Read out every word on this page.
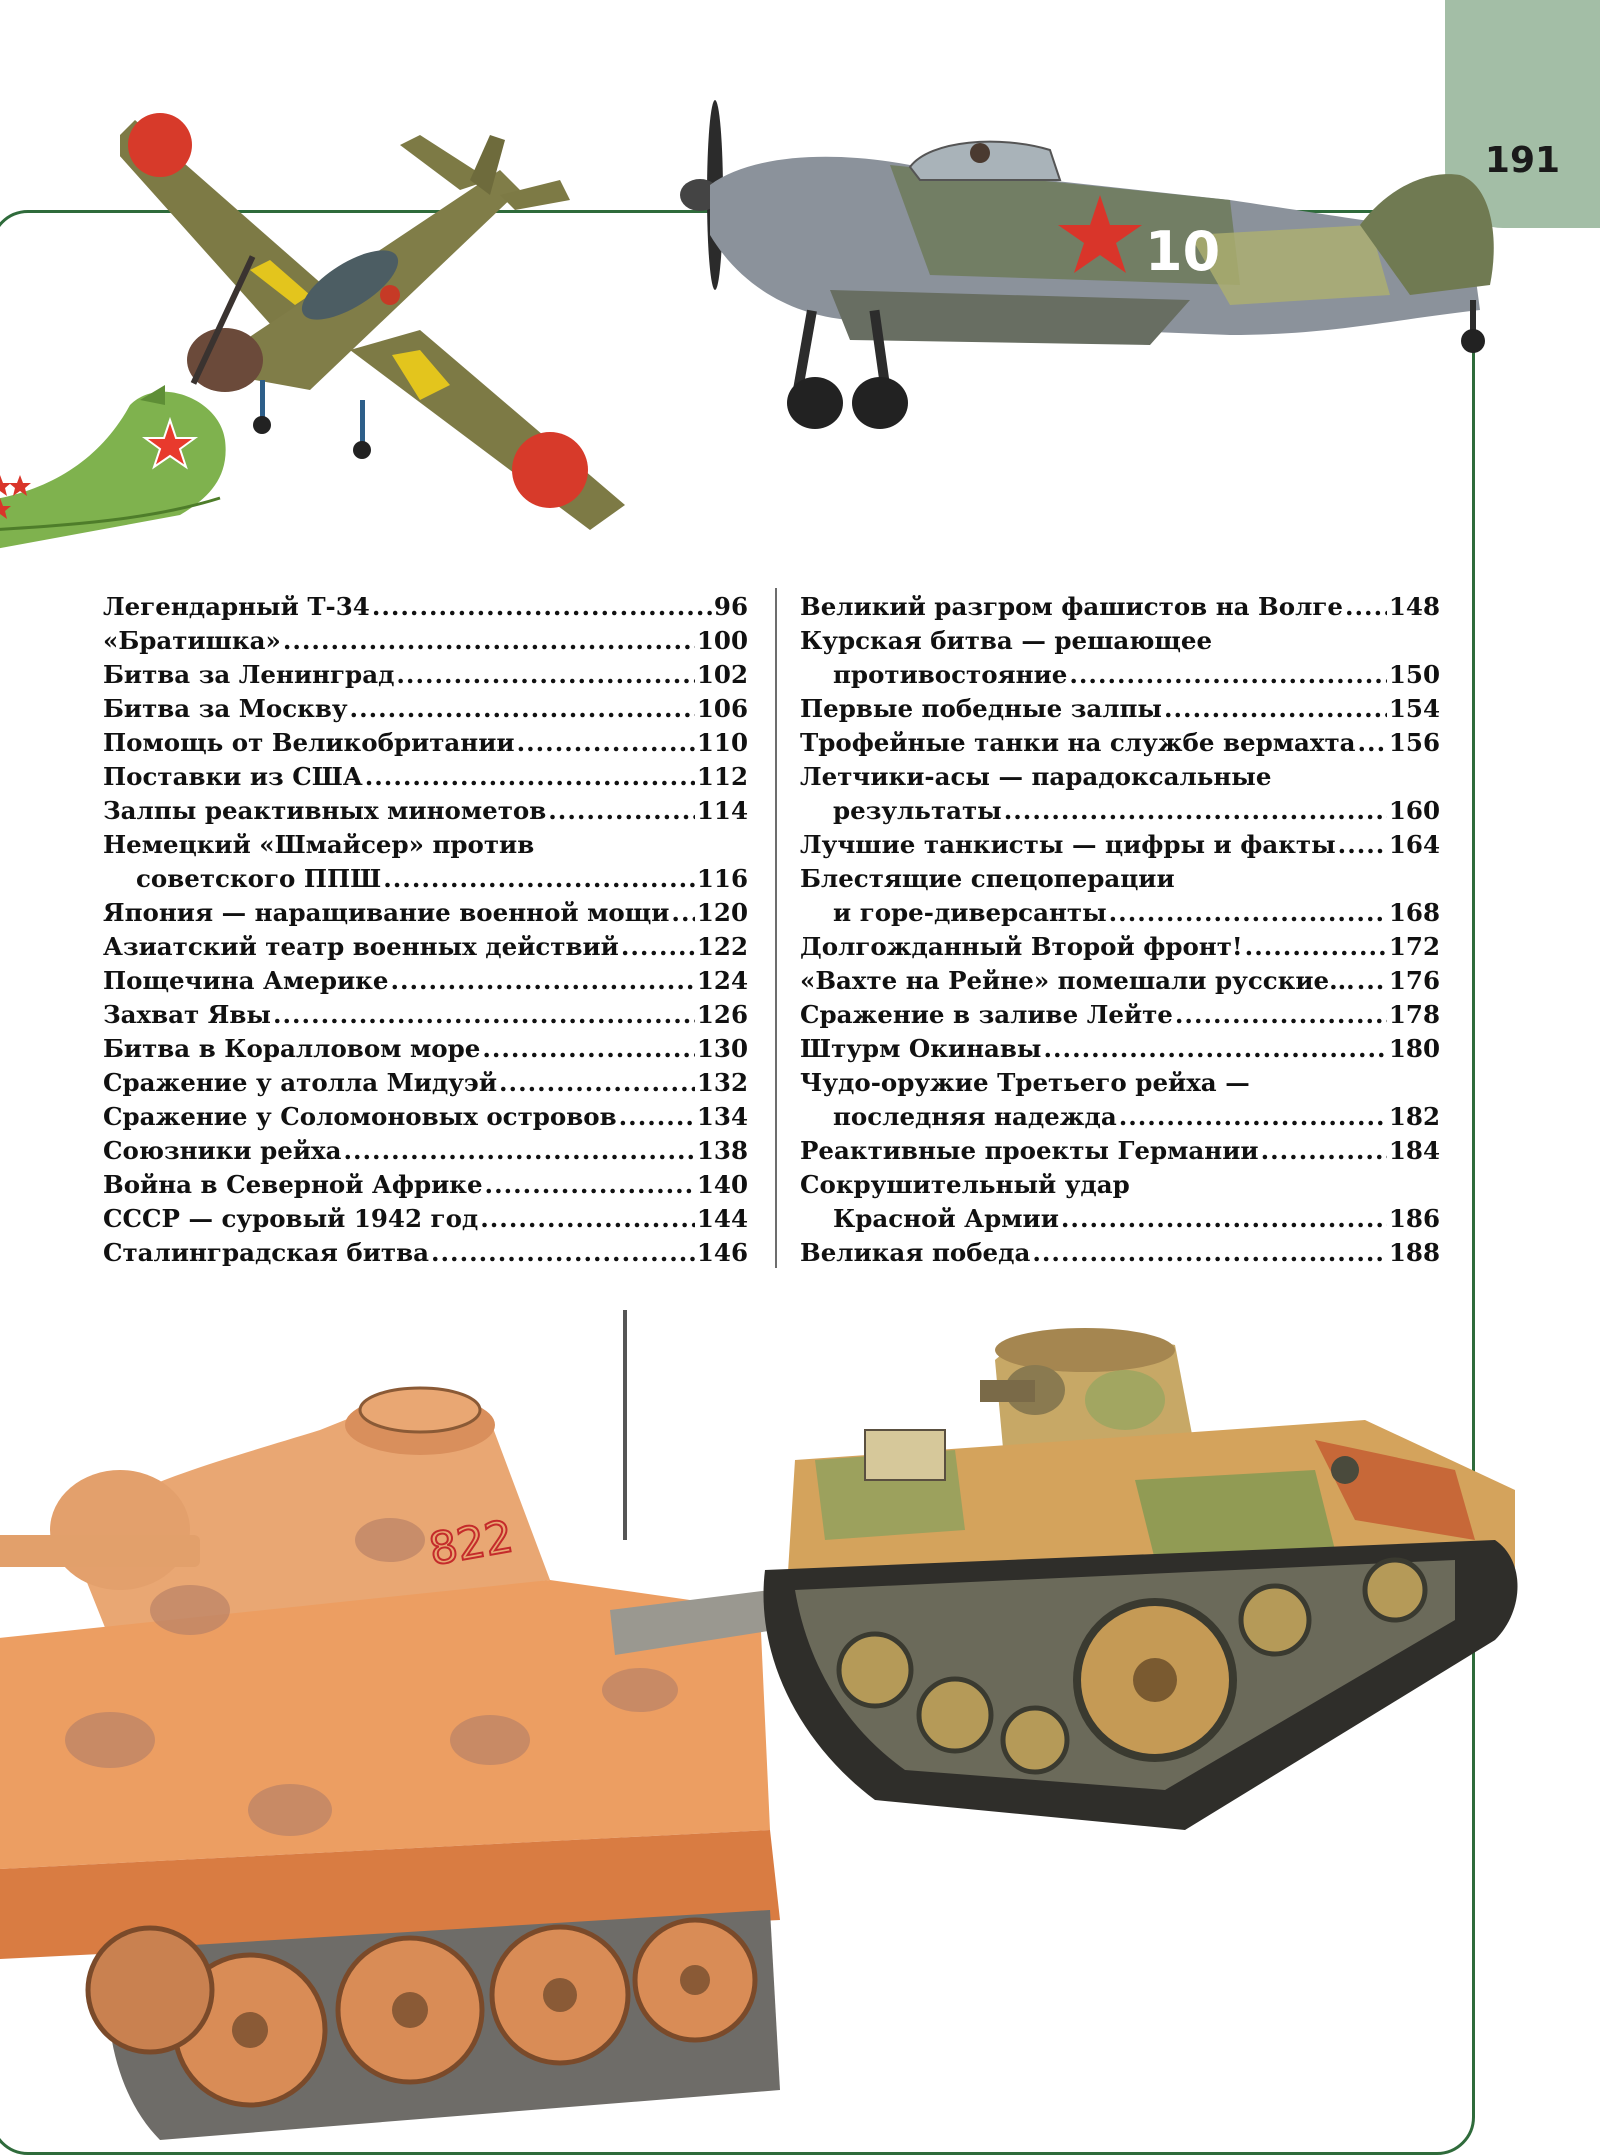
191
10
Легендарный Т-34 .....	96
«Братишка» .....	100
Битва за Ленинград .....	102
Битва за Москву .....	106
Помощь от Великобритании .....	110
Поставки из США .....	112
Залпы реактивных минометов .....	114
Немецкий «Шмайсер» против
советского ППШ .....	116
Япония — наращивание военной мощи ..... 120
Азиатский театр военных действий .....	122
Пощечина Америке .....	124
Захват Явы .....	126
Битва в Коралловом море .....	130
Сражение у атолла Мидуэй .....	132
Сражение у Соломоновых островов .....	134
Союзники рейха .....	138
Война в Северной Африке .....	140
СССР — суровый 1942 год .....	144
Сталинградская битва .....	146
Великий разгром фашистов на Волге ..... 148
Курская битва — решающее
противостояние .....	150
Первые победные залпы .....	154
Трофейные танки на службе вермахта ..... 156
Летчики-асы — парадоксальные
результаты .....	160
Лучшие танкисты — цифры и факты ..... 164
Блестящие спецоперации
и горе-диверсанты .....	168
Долгожданный Второй фронт! .....	172
«Вахте на Рейне» помешали русские... ..... 176
Сражение в заливе Лейте .....	178
Штурм Окинавы .....	180
Чудо-оружие Третьего рейха —
последняя надежда .....	182
Реактивные проекты Германии .....	184
Сокрушительный удар
Красной Армии .....	186
Великая победа .....	188
822
